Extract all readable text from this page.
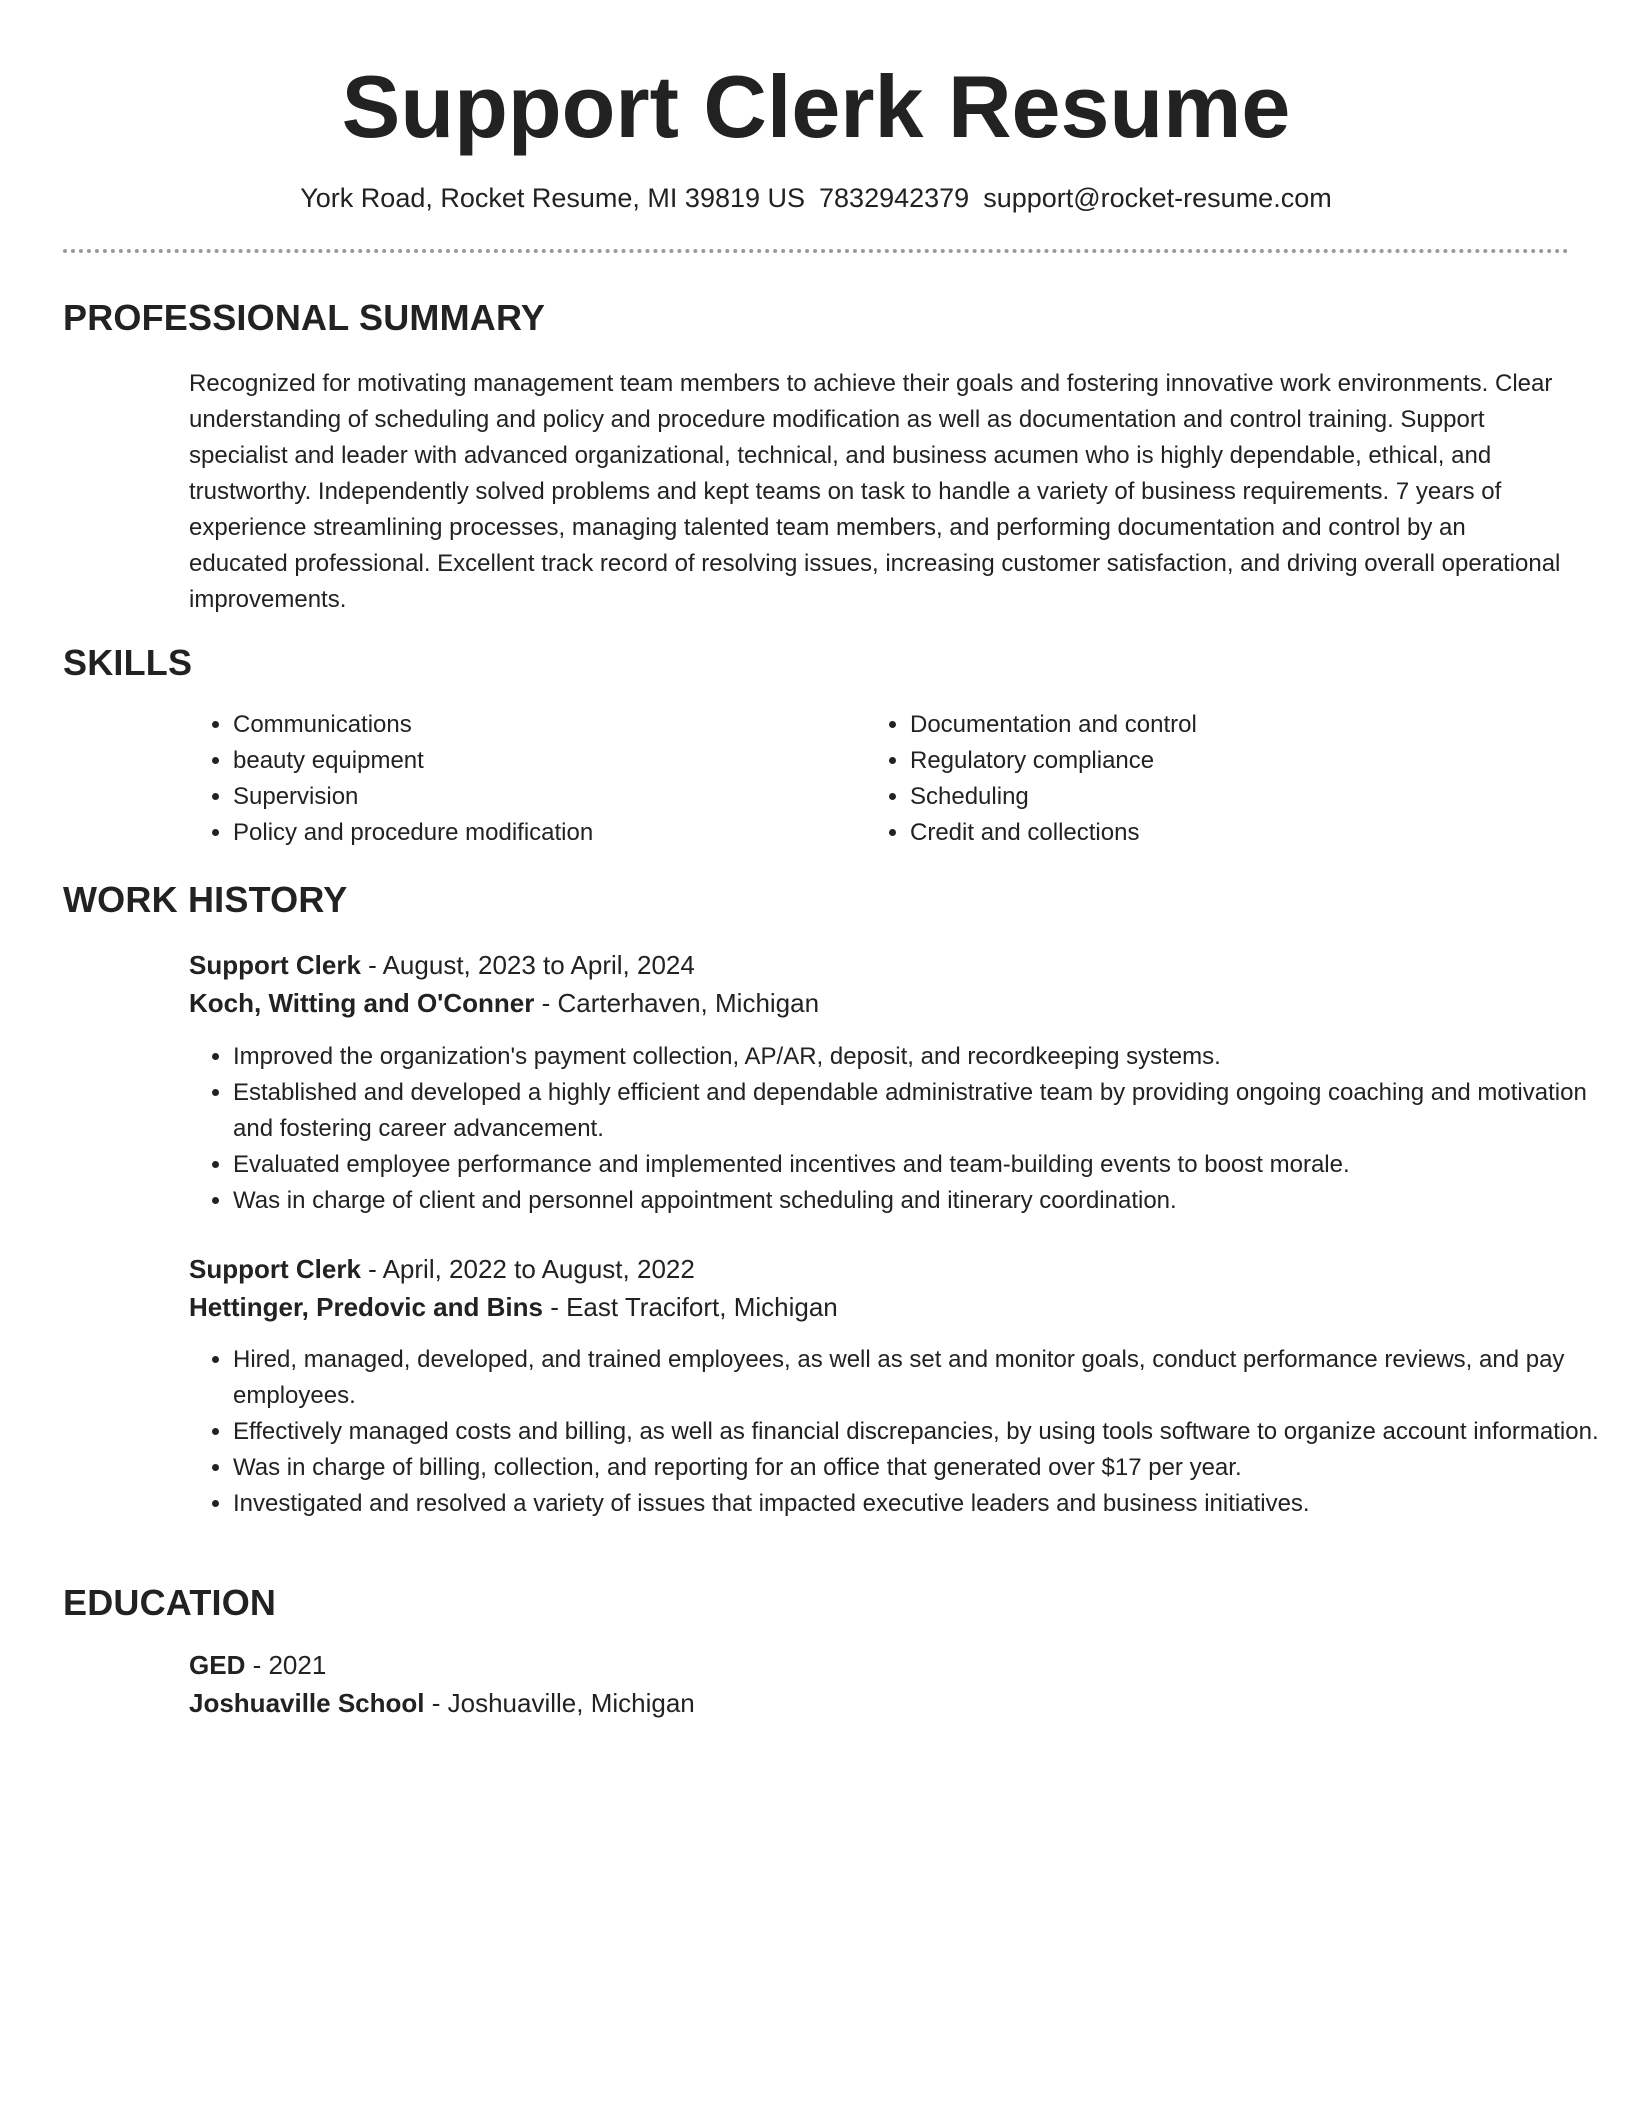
Support Clerk Resume
York Road, Rocket Resume, MI 39819 US 7832942379 support@rocket-resume.com
PROFESSIONAL SUMMARY

Recognized for motivating management team members to achieve their goals and fostering innovative work environments. Clear understanding of scheduling and policy and procedure modification as well as documentation and control training. Support specialist and leader with advanced organizational, technical, and business acumen who is highly dependable, ethical, and trustworthy. Independently solved problems and kept teams on task to handle a variety of business requirements. 7 years of experience streamlining processes, managing talented team members, and performing documentation and control by an educated professional. Excellent track record of resolving issues, increasing customer satisfaction, and driving overall operational improvements.

SKILLS
• Communications
• beauty equipment
• Supervision
• Policy and procedure modification
• Documentation and control
• Regulatory compliance
• Scheduling
• Credit and collections
WORK HISTORY
Support Clerk - August, 2023 to April, 2024
Koch, Witting and O'Conner - Carterhaven, Michigan
• Improved the organization's payment collection, AP/AR, deposit, and recordkeeping systems.
• Established and developed a highly efficient and dependable administrative team by providing ongoing coaching and motivation and fostering career advancement.
• Evaluated employee performance and implemented incentives and team-building events to boost morale.
• Was in charge of client and personnel appointment scheduling and itinerary coordination.
Support Clerk - April, 2022 to August, 2022
Hettinger, Predovic and Bins - East Tracifort, Michigan
• Hired, managed, developed, and trained employees, as well as set and monitor goals, conduct performance reviews, and pay employees.
• Effectively managed costs and billing, as well as financial discrepancies, by using tools software to organize account information.
• Was in charge of billing, collection, and reporting for an office that generated over $17 per year.
• Investigated and resolved a variety of issues that impacted executive leaders and business initiatives.
EDUCATION
GED - 2021
Joshuaville School - Joshuaville, Michigan
